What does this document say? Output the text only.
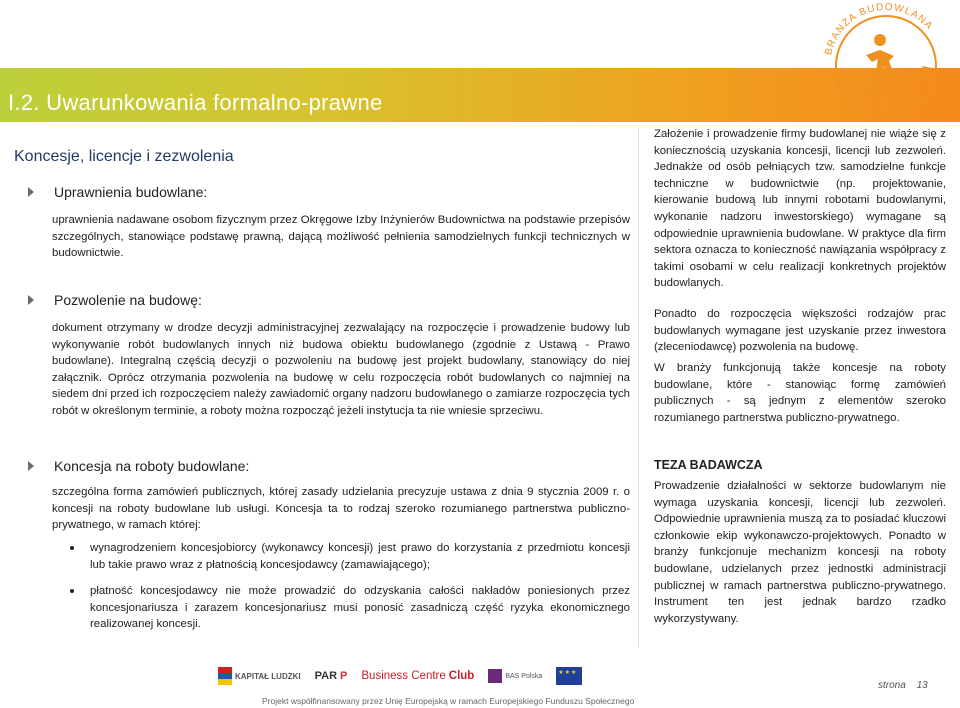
I.2. Uwarunkowania formalno-prawne
BRANŻA BUDOWLANA
Koncesje, licencje i zezwolenia
Uprawnienia budowlane:
uprawnienia nadawane osobom fizycznym przez Okręgowe Izby Inżynierów Budownictwa na podstawie przepisów szczególnych, stanowiące podstawę prawną, dającą możliwość pełnienia samodzielnych funkcji technicznych w budownictwie.
Pozwolenie na budowę:
dokument otrzymany w drodze decyzji administracyjnej zezwalający na rozpoczęcie i prowadzenie budowy lub wykonywanie robót budowlanych innych niż budowa obiektu budowlanego (zgodnie z Ustawą - Prawo budowlane). Integralną częścią decyzji o pozwoleniu na budowę jest projekt budowlany, stanowiący do niej załącznik. Oprócz otrzymania pozwolenia na budowę w celu rozpoczęcia robót budowlanych co najmniej na siedem dni przed ich rozpoczęciem należy zawiadomić organy nadzoru budowlanego o zamiarze rozpoczęcia tych robót w określonym terminie, a roboty można rozpocząć jeżeli instytucja ta nie wniesie sprzeciwu.
Koncesja na roboty budowlane:
szczególna forma zamówień publicznych, której zasady udzielania precyzuje ustawa z dnia 9 stycznia 2009 r. o koncesji na roboty budowlane lub usługi. Koncesja ta to rodzaj szeroko rozumianego partnerstwa publiczno-prywatnego, w ramach której:
wynagrodzeniem koncesjobiorcy (wykonawcy koncesji) jest prawo do korzystania z przedmiotu koncesji lub takie prawo wraz z płatnością koncesjodawcy (zamawiającego);
płatność koncesjodawcy nie może prowadzić do odzyskania całości nakładów poniesionych przez koncesjonariusza i zarazem koncesjonariusz musi ponosić zasadniczą część ryzyka ekonomicznego realizowanej koncesji.
Założenie i prowadzenie firmy budowlanej nie wiąże się z koniecznością uzyskania koncesji, licencji lub zezwoleń. Jednakże od osób pełniących tzw. samodzielne funkcje techniczne w budownictwie (np. projektowanie, kierowanie budową lub innymi robotami budowlanymi, wykonanie nadzoru inwestorskiego) wymagane są odpowiednie uprawnienia budowlane. W praktyce dla firm sektora oznacza to konieczność nawiązania współpracy z takimi osobami w celu realizacji konkretnych projektów budowlanych.
Ponadto do rozpoczęcia większości rodzajów prac budowlanych wymagane jest uzyskanie przez inwestora (zleceniodawcę) pozwolenia na budowę.
W branży funkcjonują także koncesje na roboty budowlane, które - stanowiąc formę zamówień publicznych - są jednym z elementów szeroko rozumianego partnerstwa publiczno-prywatnego.
TEZA BADAWCZA
Prowadzenie działalności w sektorze budowlanym nie wymaga uzyskania koncesji, licencji lub zezwoleń. Odpowiednie uprawnienia muszą za to posiadać kluczowi członkowie ekip wykonawczo-projektowych. Ponadto w branży funkcjonuje mechanizm koncesji na roboty budowlane, udzielanych przez jednostki administracji publicznej w ramach partnerstwa publiczno-prywatnego. Instrument ten jest jednak bardzo rzadko wykorzystywany.
KAPITAŁ LUDZKI PAR P Business Centre Club	BAS Polska
★★★
Projekt współfinansowany przez Unię Europejską w ramach Europejskiego Funduszu Społecznego
strona 13
